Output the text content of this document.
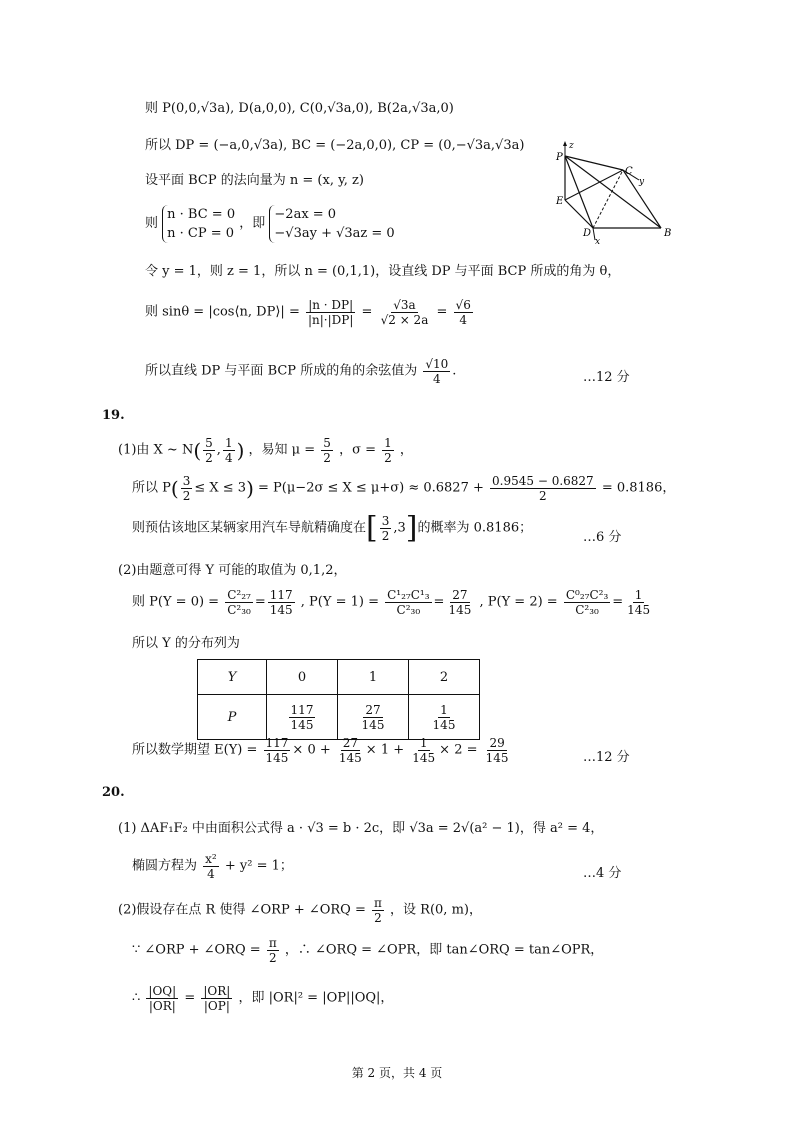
则 P(0,0,√3a), D(a,0,0), C(0,√3a,0), B(2a,√3a,0)
所以 DP = (−a,0,√3a), BC = (−2a,0,0), CP = (0,−√3a,√3a)
设平面 BCP 的法向量为 n = (x, y, z)
则
n · BC = 0
n · CP = 0
，即
−2ax = 0
−√3ay + √3az = 0
令 y = 1，则 z = 1，所以 n = (0,1,1)，设直线 DP 与平面 BCP 所成的角为 θ，
则 sinθ = |cos⟨n, DP⟩| = $\frac{|n \cdot DP|}{|n|\cdot|DP|} = \frac{√3a}{√2 \times 2a} = \frac{√6}{4}$
所以直线 DP 与平面 BCP 所成的角的余弦值为 $\frac{√10}{4}$ .	…12 分
z
P
C
y
E
D
x
B
19.
(1)由 X ~ $N( \frac{5}{2}$ , $\frac{1}{4}$ ) ，易知 $\mu = \frac{5}{2}$ ，$\sigma = \frac{1}{2}$ ，
所以 $P( \frac{3}{2} \le X \le 3) = P(\mu-2\sigma \le X \le \mu+\sigma) \approx 0.6827 + \frac{0.9545 - 0.6827}{2} = 0.8186$，
则预估该地区某辆家用汽车导航精确度在[ $\frac{3}{2} ,3$]的概率为 0.8186；
…6 分
(2)由题意可得 Y 可能的取值为 0,1,2，
则 $P(Y = 0) = \frac{\text{C²₂₇}}{\text{C²₃₀}} = \frac{117}{145}$ , $P(Y = 1) = \frac{\text{C¹₂₇C¹₃}}{\text{C²₃₀}} = \frac{27}{145}$ , $P(Y = 2) = \frac{\text{C⁰₂₇C²₃}}{\text{C²₃₀}} = \frac{1}{145}$
所以 Y 的分布列为
Y	0	1	2
P	$\frac{117}{145}$	$\frac{27}{145}$	$\frac{1}{145}$
所以数学期望 $E(Y) = \frac{117}{145} \times 0 + \frac{27}{145} \times 1 + \frac{1}{145} \times 2 = \frac{29}{145}$	…12 分
20.
(1) ΔAF₁F₂ 中由面积公式得 a · √3 = b · 2c，即 √3a = 2√(a² − 1)，得 a² = 4，
椭圆方程为 $\frac{\text{x²}}{4} + y^2 = 1$；	…4 分
(2)假设存在点 R 使得 ∠ORP + ∠ORQ = $\frac{\pi}{2}$ ，设 R(0, m)，
∵ ∠ORP + ∠ORQ = $\frac{\pi}{2}$ ，∴ ∠ORQ = ∠OPR，即 tan∠ORQ = tan∠OPR，
∴ $\frac{|OQ|}{|OR|} = \frac{|OR|}{|OP|}$ ，即 |OR|² = |OP||OQ|，
第 2 页，共 4 页
